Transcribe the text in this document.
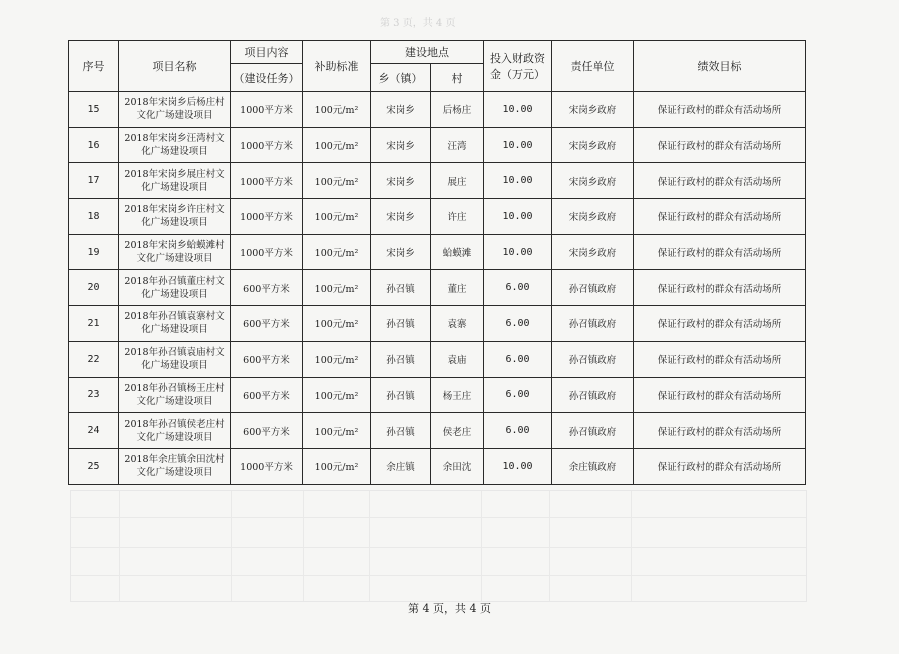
第 3 页，共 4 页
序号	项目名称	项目内容	补助标准	建设地点		投入财政资金（万元）	责任单位	绩效目标
		（建设任务）		乡（镇）	村			
15	2018年宋岗乡后杨庄村文化广场建设项目	1000平方米	100元/m²	宋岗乡	后杨庄	10.00	宋岗乡政府	保证行政村的群众有活动场所
16	2018年宋岗乡汪湾村文化广场建设项目	1000平方米	100元/m²	宋岗乡	汪湾	10.00	宋岗乡政府	保证行政村的群众有活动场所
17	2018年宋岗乡展庄村文化广场建设项目	1000平方米	100元/m²	宋岗乡	展庄	10.00	宋岗乡政府	保证行政村的群众有活动场所
18	2018年宋岗乡许庄村文化广场建设项目	1000平方米	100元/m²	宋岗乡	许庄	10.00	宋岗乡政府	保证行政村的群众有活动场所
19	2018年宋岗乡蛤蟆滩村文化广场建设项目	1000平方米	100元/m²	宋岗乡	蛤蟆滩	10.00	宋岗乡政府	保证行政村的群众有活动场所
20	2018年孙召镇董庄村文化广场建设项目	600平方米	100元/m²	孙召镇	董庄	6.00	孙召镇政府	保证行政村的群众有活动场所
21	2018年孙召镇袁寨村文化广场建设项目	600平方米	100元/m²	孙召镇	袁寨	6.00	孙召镇政府	保证行政村的群众有活动场所
22	2018年孙召镇袁庙村文化广场建设项目	600平方米	100元/m²	孙召镇	袁庙	6.00	孙召镇政府	保证行政村的群众有活动场所
23	2018年孙召镇杨王庄村文化广场建设项目	600平方米	100元/m²	孙召镇	杨王庄	6.00	孙召镇政府	保证行政村的群众有活动场所
24	2018年孙召镇侯老庄村文化广场建设项目	600平方米	100元/m²	孙召镇	侯老庄	6.00	孙召镇政府	保证行政村的群众有活动场所
25	2018年余庄镇余田沈村文化广场建设项目	1000平方米	100元/m²	余庄镇	余田沈	10.00	余庄镇政府	保证行政村的群众有活动场所
第 4 页，共 4 页
